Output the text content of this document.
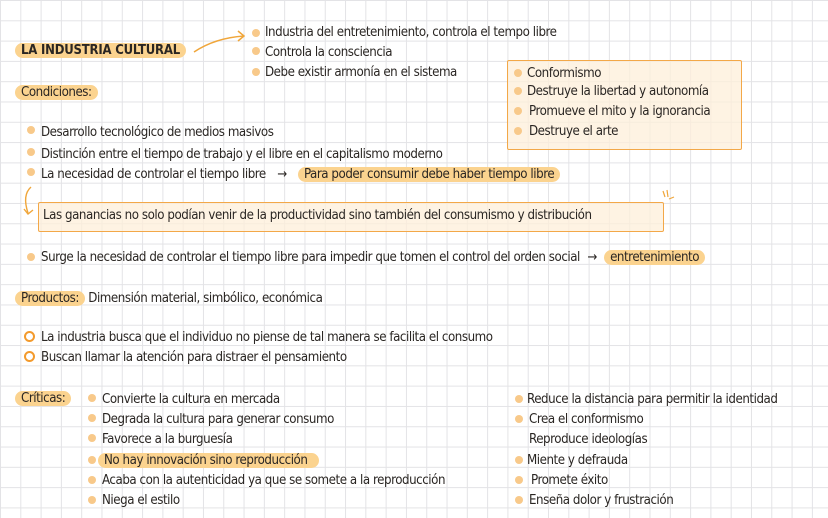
LA INDUSTRIA CULTURAL
Industria del entretenimiento, controla el tempo libre
Controla la consciencia
Debe existir armonía en el sistema	Conformismo
Destruye la libertad y autonomía
Promueve el mito y la ignorancia
Destruye el arte
Condiciones:
Desarrollo tecnológico de medios masivos
Distinción entre el tiempo de trabajo y el libre en el capitalismo moderno
La necesidad de controlar el tiempo libre → Para poder consumir debe haber tiempo libre
Las ganancias no solo podían venir de la productividad sino también del consumismo y distribución
Surge la necesidad de controlar el tiempo libre para impedir que tomen el control del orden social → entretenimiento
Productos: Dimensión material, simbólico, económica
La industria busca que el individuo no piense de tal manera se facilita el consumo
Buscan llamar la atención para distraer el pensamiento
Críticas:	Convierte la cultura en mercada
Degrada la cultura para generar consumo
Favorece a la burguesía
No hay innovación sino reproducción
Acaba con la autenticidad ya que se somete a la reproducción
Niega el estilo
Reduce la distancia para permitir la identidad
Crea el conformismo
Reproduce ideologías
Miente y defrauda
Promete éxito
Enseña dolor y frustración
